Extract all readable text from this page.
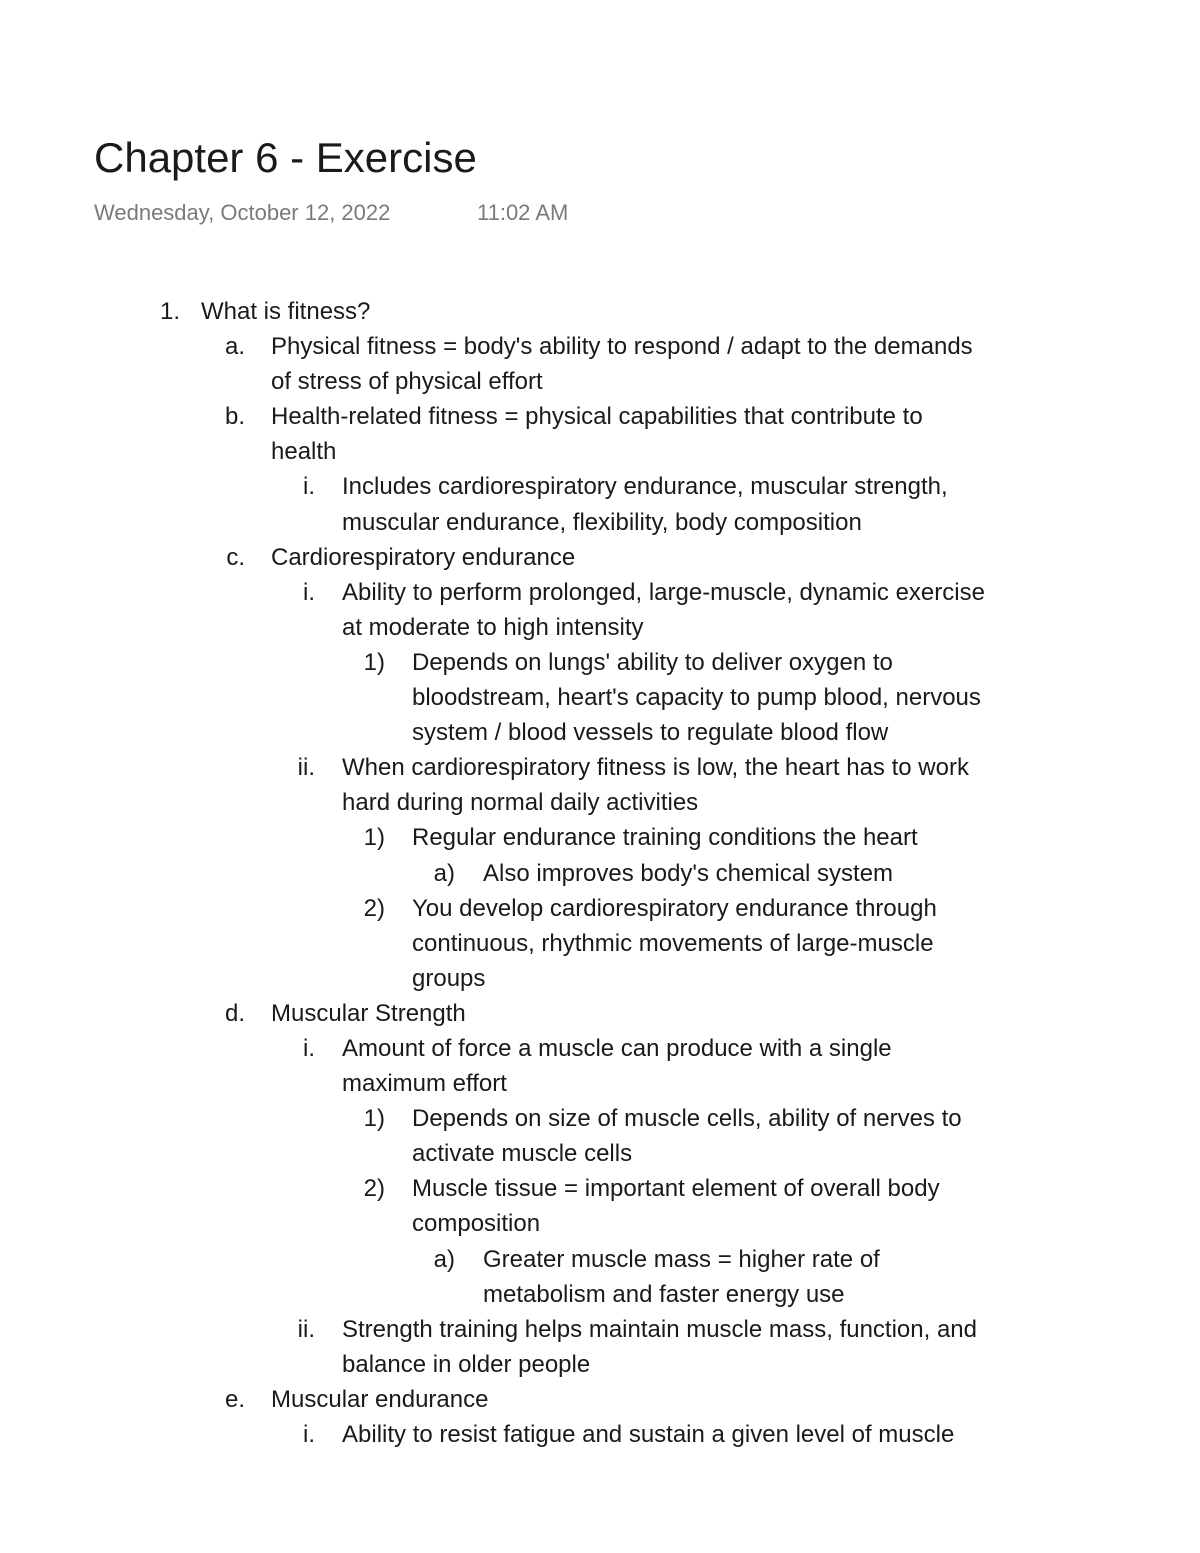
Chapter 6 - Exercise
Wednesday, October 12, 2022	11:02 AM
1. What is fitness?
a. Physical fitness = body's ability to respond / adapt to the demands
of stress of physical effort
b. Health-related fitness = physical capabilities that contribute to
health
i. Includes cardiorespiratory endurance, muscular strength,
muscular endurance, flexibility, body composition
c. Cardiorespiratory endurance
i. Ability to perform prolonged, large-muscle, dynamic exercise
at moderate to high intensity
1) Depends on lungs' ability to deliver oxygen to
bloodstream, heart's capacity to pump blood, nervous
system / blood vessels to regulate blood flow
ii. When cardiorespiratory fitness is low, the heart has to work
hard during normal daily activities
1) Regular endurance training conditions the heart
a) Also improves body's chemical system
2) You develop cardiorespiratory endurance through
continuous, rhythmic movements of large-muscle
groups
d. Muscular Strength
i. Amount of force a muscle can produce with a single
maximum effort
1) Depends on size of muscle cells, ability of nerves to
activate muscle cells
2) Muscle tissue = important element of overall body
composition
a) Greater muscle mass = higher rate of
metabolism and faster energy use
ii. Strength training helps maintain muscle mass, function, and
balance in older people
e. Muscular endurance
i. Ability to resist fatigue and sustain a given level of muscle
